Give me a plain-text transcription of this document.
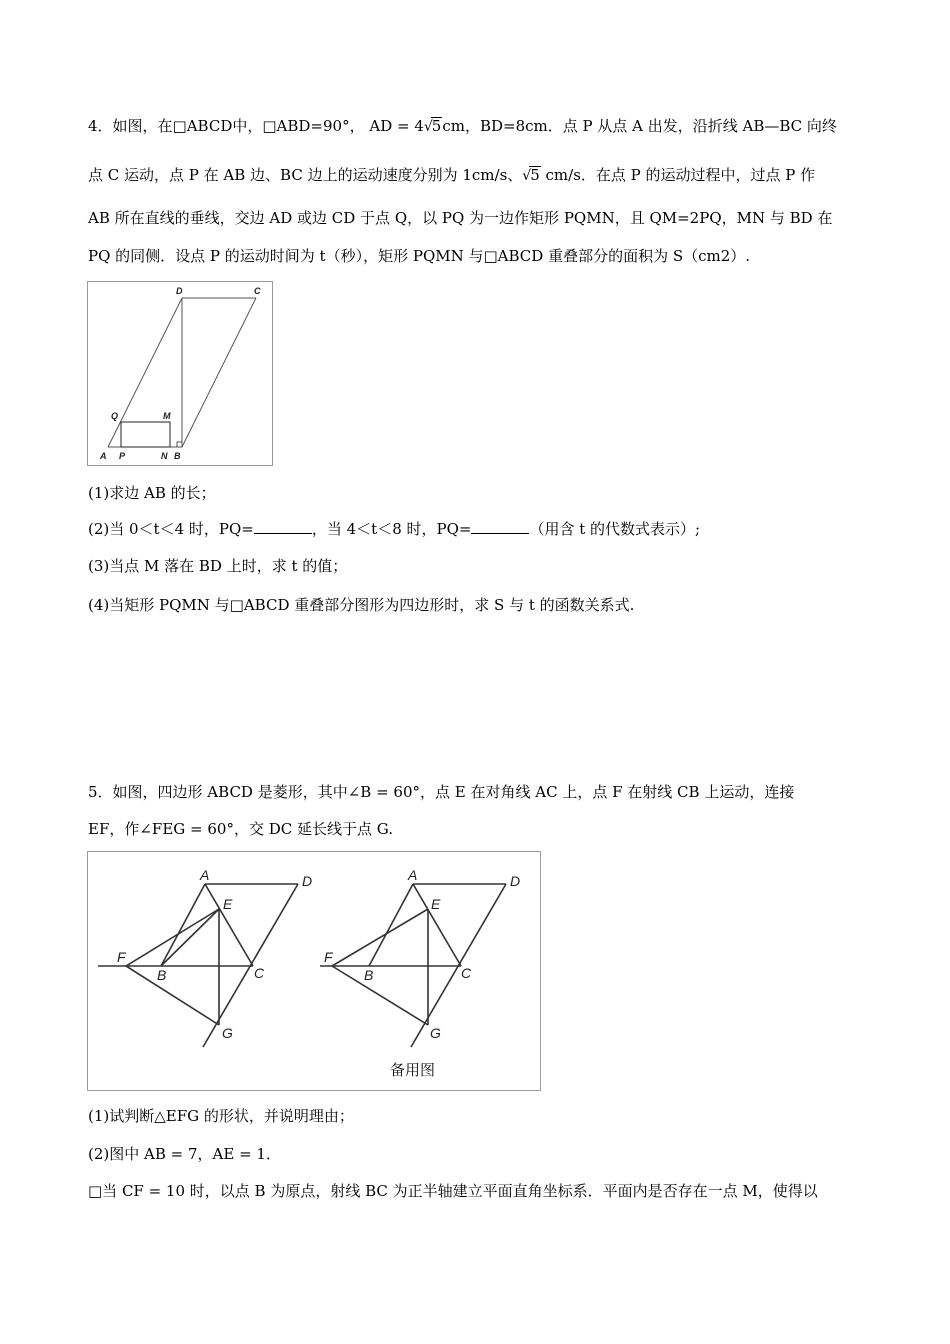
4．如图，在□ABCD中，□ABD=90°， AD = 4√5cm，BD=8cm．点 P 从点 A 出发，沿折线 AB—BC 向终
点 C 运动，点 P 在 AB 边、BC 边上的运动速度分别为 1cm/s、√5 cm/s．在点 P 的运动过程中，过点 P 作
AB 所在直线的垂线，交边 AD 或边 CD 于点 Q，以 PQ 为一边作矩形 PQMN，且 QM=2PQ，MN 与 BD 在
PQ 的同侧．设点 P 的运动时间为 t（秒），矩形 PQMN 与□ABCD 重叠部分的面积为 S（cm2）.
D	C
Q	M
A P	N B
(1)求边 AB 的长；
(2)当 0＜t＜4 时，PQ=	，当 4＜t＜8 时，PQ=	（用含 t 的代数式表示）;
(3)当点 M 落在 BD 上时，求 t 的值；
(4)当矩形 PQMN 与□ABCD 重叠部分图形为四边形时，求 S 与 t 的函数关系式.
5．如图，四边形 ABCD 是菱形，其中∠B = 60°，点 E 在对角线 AC 上，点 F 在射线 CB 上运动，连接
EF，作∠FEG = 60°，交 DC 延长线于点 G.
A	D
E
F
B	C
G
A	D
E
F
B	C
G
备用图
(1)试判断△EFG 的形状，并说明理由；
(2)图中 AB = 7，AE = 1．
□当 CF = 10 时，以点 B 为原点，射线 BC 为正半轴建立平面直角坐标系．平面内是否存在一点 M，使得以
